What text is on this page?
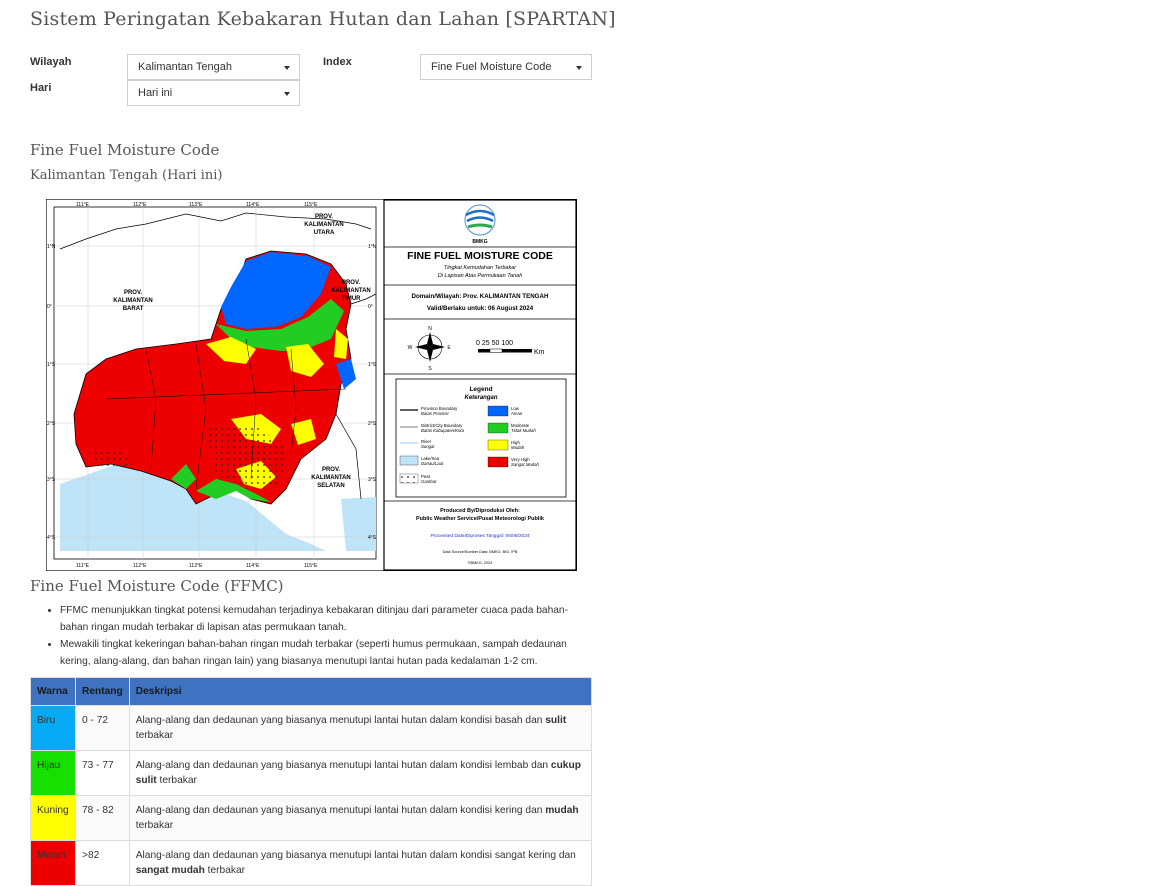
Sistem Peringatan Kebakaran Hutan dan Lahan [SPARTAN]
Wilayah	Kalimantan Tengah	Index	Fine Fuel Moisture Code
Hari	Hari ini
Fine Fuel Moisture Code
Kalimantan Tengah (Hari ini)
111°E	112°E	113°E	114°E	115°E
111°E	112°E	113°E	114°E	115°E
1°N
0°
1°S
2°S
3°S
4°S
1°N
0°
1°S
2°S
3°S
4°S
PROV.
KALIMANTAN
UTARA
PROV.
KALIMANTAN
TIMUR
PROV.
KALIMANTAN
BARAT
PROV.
KALIMANTAN
SELATAN
BMKG
FINE FUEL MOISTURE CODE
Tingkat Kemudahan Terbakar
Di Lapisan Atas Permukaan Tanah
Domain/Wilayah: Prov. KALIMANTAN TENGAH
Valid/Berlaku untuk: 06 August 2024
N
S
W	E
0 25 50 100
Km
Legend
Keterangan
Province Boundary
Batas Provinsi
District/City Boundary
Batas Kabupaten/Kota
River
Sungai
Lake/Sea
Danau/Laut
Peat
Gambut
Low
Aman
Moderate
Tidak Mudah
High
Mudah
Very High
Sangat Mudah
Produced By/Diproduksi Oleh:
Public Weather Service/Pusat Meteorologi Publik
Processed Date/Diproses Tanggal: 06/08/2024
Data Source/Sumber Data: BMKG, BIG, IPB
©BMKG, 2024
Fine Fuel Moisture Code (FFMC)
• FFMC menunjukkan tingkat potensi kemudahan terjadinya kebakaran ditinjau dari parameter cuaca pada bahan-bahan ringan mudah terbakar di lapisan atas permukaan tanah.
• Mewakili tingkat kekeringan bahan-bahan ringan mudah terbakar (seperti humus permukaan, sampah dedaunan kering, alang-alang, dan bahan ringan lain) yang biasanya menutupi lantai hutan pada kedalaman 1-2 cm.
Warna	Rentang	Deskripsi
Biru	0 - 72	Alang-alang dan dedaunan yang biasanya menutupi lantai hutan dalam kondisi basah dan sulit terbakar
Hijau	73 - 77	Alang-alang dan dedaunan yang biasanya menutupi lantai hutan dalam kondisi lembab dan cukup sulit terbakar
Kuning	78 - 82	Alang-alang dan dedaunan yang biasanya menutupi lantai hutan dalam kondisi kering dan mudah terbakar
Merah	>82	Alang-alang dan dedaunan yang biasanya menutupi lantai hutan dalam kondisi sangat kering dan sangat mudah terbakar
